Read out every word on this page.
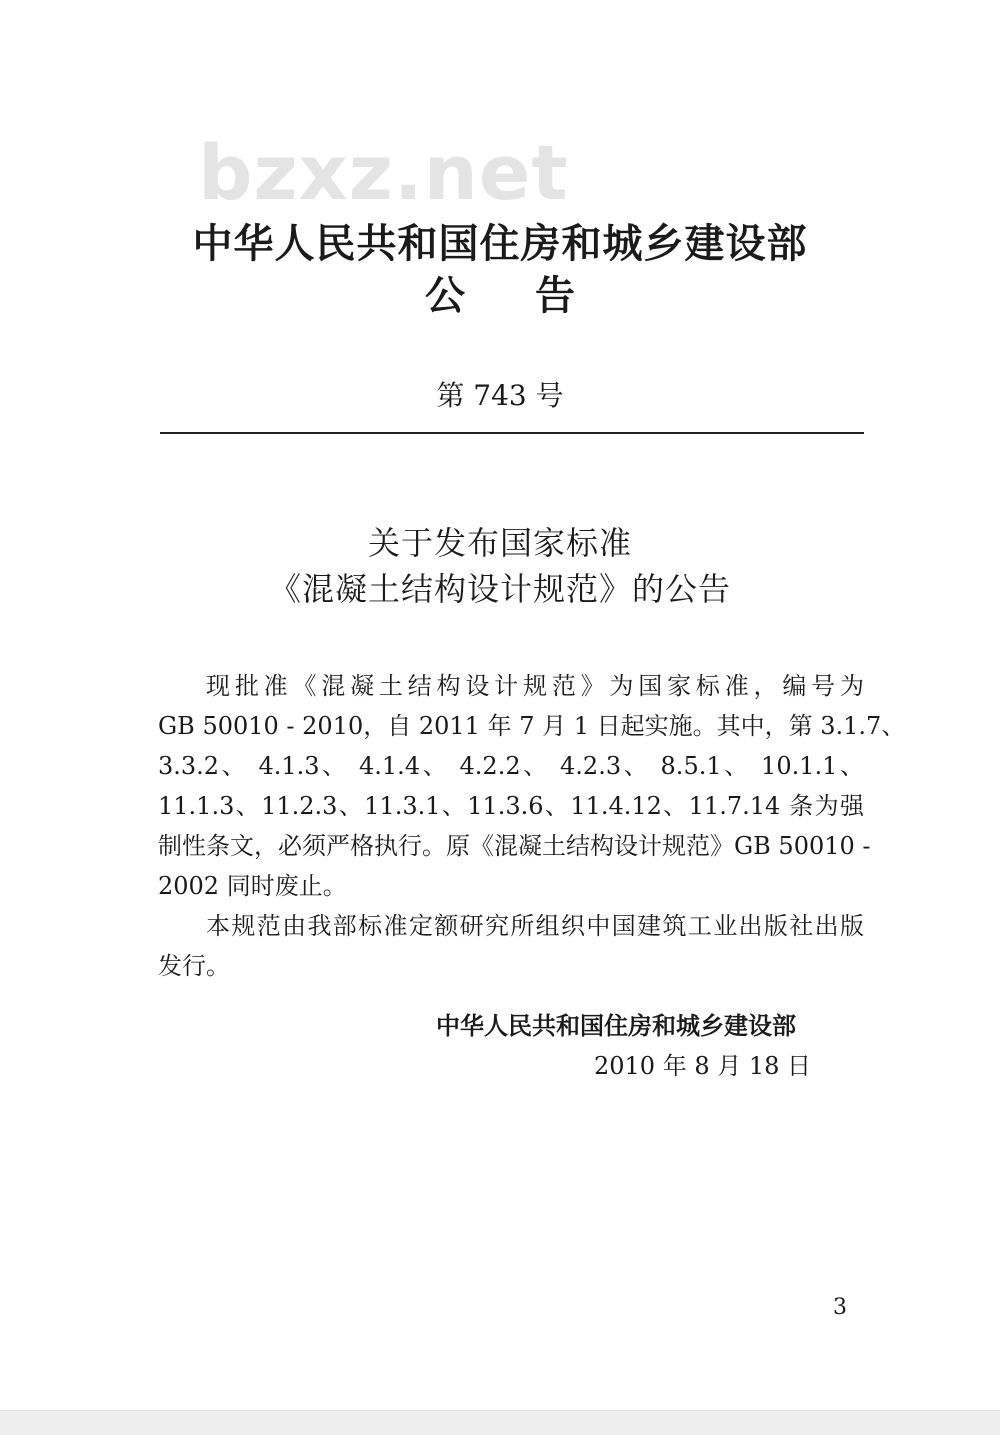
bzxz.net
中华人民共和国住房和城乡建设部
公告
第 743 号
关于发布国家标准
《混凝土结构设计规范》的公告
现批准《混凝土结构设计规范》为国家标准，编号为
GB 50010 - 2010，自 2011 年 7 月 1 日起实施。其中，第 3.1.7、
3.3.2、 4.1.3、 4.1.4、 4.2.2、 4.2.3、 8.5.1、 10.1.1、
11.1.3、11.2.3、11.3.1、11.3.6、11.4.12、11.7.14 条为强
制性条文，必须严格执行。原《混凝土结构设计规范》GB 50010 -
2002 同时废止。
本规范由我部标准定额研究所组织中国建筑工业出版社出版
发行。
中华人民共和国住房和城乡建设部
2010 年 8 月 18 日
3
